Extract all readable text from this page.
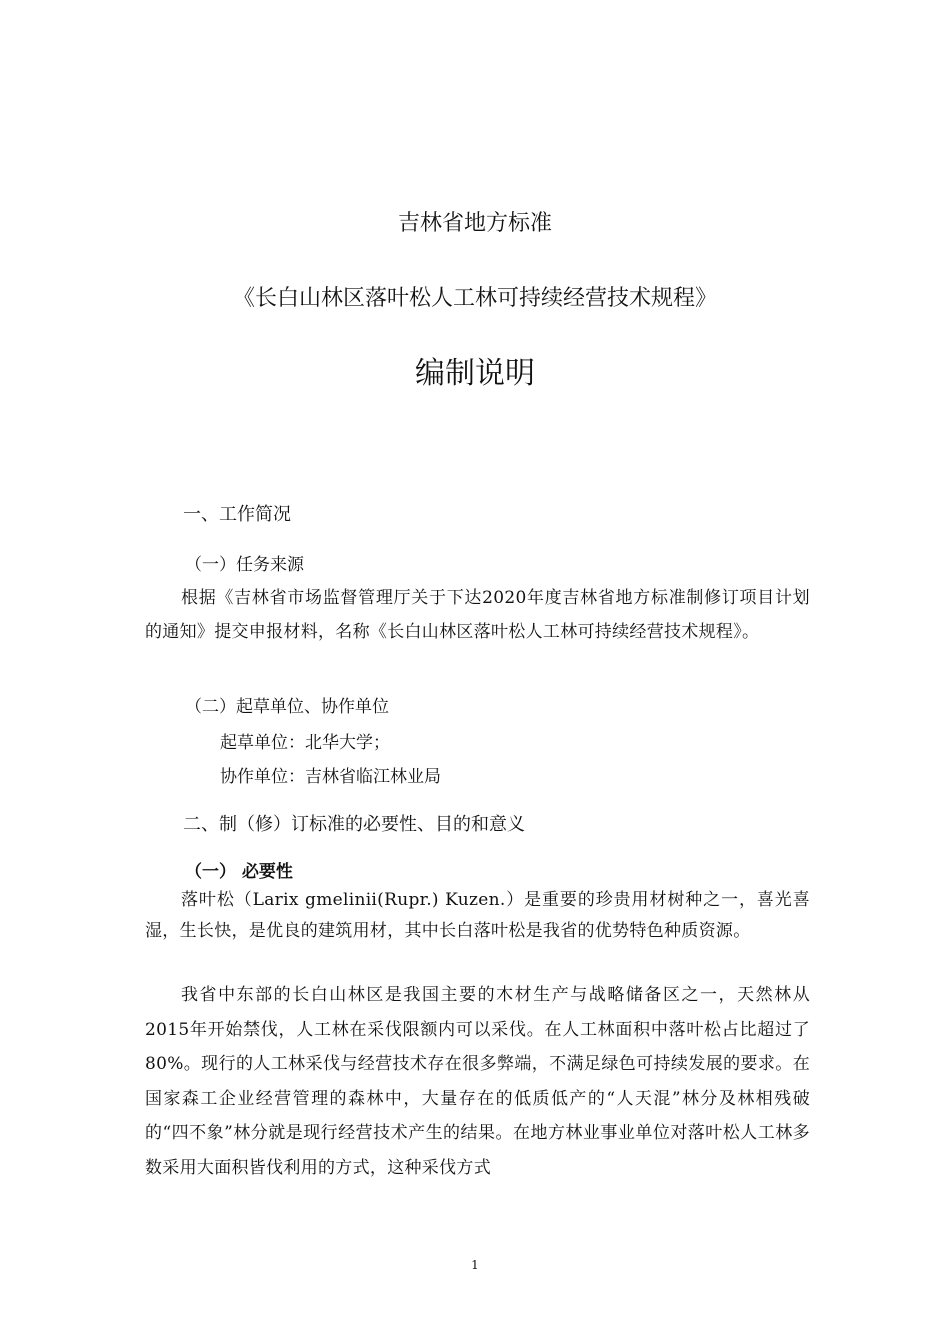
吉林省地方标准
《长白山林区落叶松人工林可持续经营技术规程》
编制说明
一、工作简况
（一）任务来源
根据《吉林省市场监督管理厅关于下达2020年度吉林省地方标准制修订项目计划的通知》提交申报材料，名称《长白山林区落叶松人工林可持续经营技术规程》。
（二）起草单位、协作单位
起草单位：北华大学；
协作单位：吉林省临江林业局
二、制（修）订标准的必要性、目的和意义
（一） 必要性
落叶松（Larix gmelinii(Rupr.) Kuzen.）是重要的珍贵用材树种之一，喜光喜湿，生长快，是优良的建筑用材，其中长白落叶松是我省的优势特色种质资源。
我省中东部的长白山林区是我国主要的木材生产与战略储备区之一，天然林从2015年开始禁伐，人工林在采伐限额内可以采伐。在人工林面积中落叶松占比超过了80%。现行的人工林采伐与经营技术存在很多弊端，不满足绿色可持续发展的要求。在国家森工企业经营管理的森林中，大量存在的低质低产的“人天混”林分及林相残破的“四不象”林分就是现行经营技术产生的结果。在地方林业事业单位对落叶松人工林多数采用大面积皆伐利用的方式，这种采伐方式
1
